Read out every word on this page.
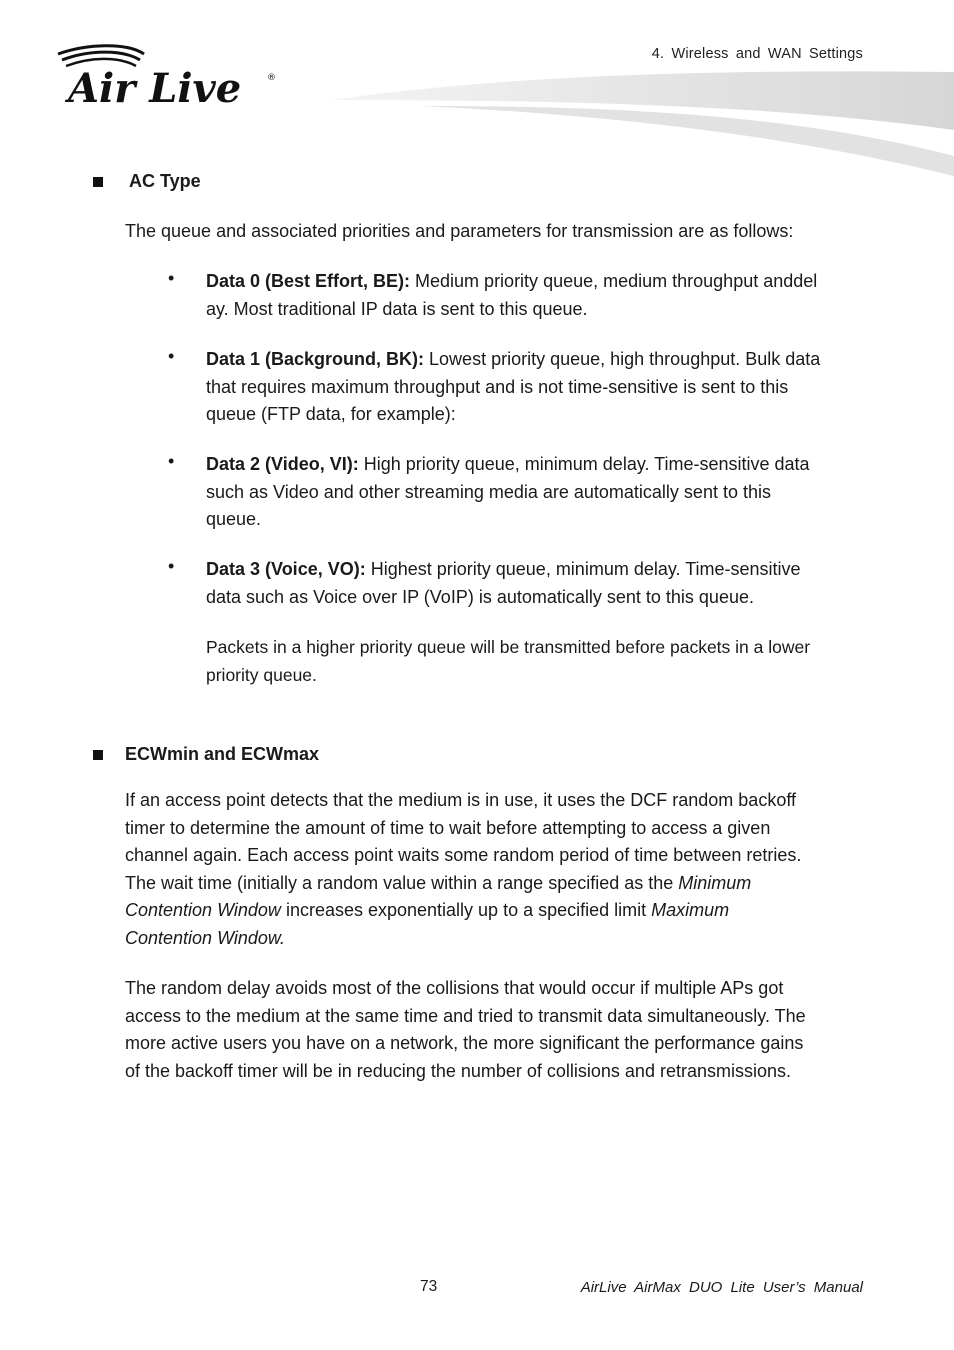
Air Live	®
4. Wireless and WAN Settings
AC Type
The queue and associated priorities and parameters for transmission are as follows:
• Data 0 (Best Effort, BE): Medium priority queue, medium throughput anddel
ay. Most traditional IP data is sent to this queue.
• Data 1 (Background, BK): Lowest priority queue, high throughput. Bulk data
that requires maximum throughput and is not time-sensitive is sent to this
queue (FTP data, for example):
• Data 2 (Video, VI): High priority queue, minimum delay. Time-sensitive data
such as Video and other streaming media are automatically sent to this
queue.
• Data 3 (Voice, VO): Highest priority queue, minimum delay. Time-sensitive
data such as Voice over IP (VoIP) is automatically sent to this queue.
Packets in a higher priority queue will be transmitted before packets in a lower
priority queue.
ECWmin and ECWmax
If an access point detects that the medium is in use, it uses the DCF random backoff
timer to determine the amount of time to wait before attempting to access a given
channel again. Each access point waits some random period of time between retries.
The wait time (initially a random value within a range specified as the Minimum
Contention Window increases exponentially up to a specified limit Maximum
Contention Window.
The random delay avoids most of the collisions that would occur if multiple APs got
access to the medium at the same time and tried to transmit data simultaneously. The
more active users you have on a network, the more significant the performance gains
of the backoff timer will be in reducing the number of collisions and retransmissions.
73	AirLive AirMax DUO Lite User’s Manual
